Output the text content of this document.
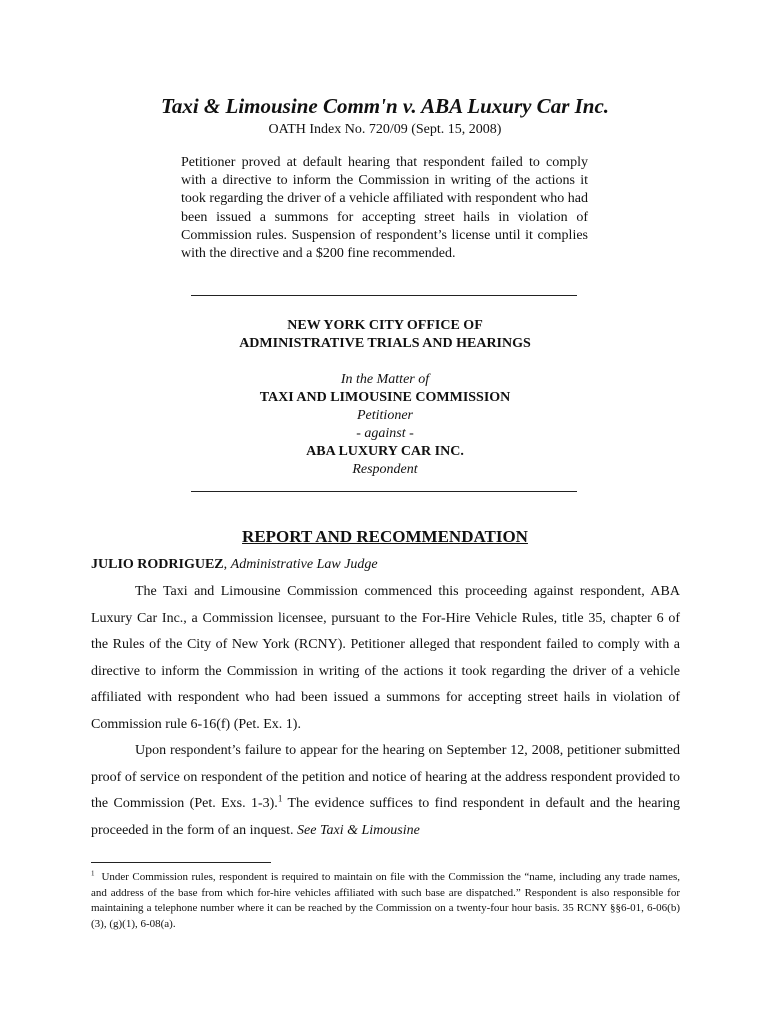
Taxi & Limousine Comm'n v. ABA Luxury Car Inc.
OATH Index No. 720/09 (Sept. 15, 2008)
Petitioner proved at default hearing that respondent failed to comply with a directive to inform the Commission in writing of the actions it took regarding the driver of a vehicle affiliated with respondent who had been issued a summons for accepting street hails in violation of Commission rules. Suspension of respondent’s license until it complies with the directive and a $200 fine recommended.
NEW YORK CITY OFFICE OF
ADMINISTRATIVE TRIALS AND HEARINGS
In the Matter of
TAXI AND LIMOUSINE COMMISSION
Petitioner
- against -
ABA LUXURY CAR INC.
Respondent
REPORT AND RECOMMENDATION
JULIO RODRIGUEZ, Administrative Law Judge

The Taxi and Limousine Commission commenced this proceeding against respondent, ABA Luxury Car Inc., a Commission licensee, pursuant to the For-Hire Vehicle Rules, title 35, chapter 6 of the Rules of the City of New York (RCNY). Petitioner alleged that respondent failed to comply with a directive to inform the Commission in writing of the actions it took regarding the driver of a vehicle affiliated with respondent who had been issued a summons for accepting street hails in violation of Commission rule 6-16(f) (Pet. Ex. 1).

Upon respondent’s failure to appear for the hearing on September 12, 2008, petitioner submitted proof of service on respondent of the petition and notice of hearing at the address respondent provided to the Commission (Pet. Exs. 1-3).$^1$ The evidence suffices to find respondent in default and the hearing proceeded in the form of an inquest. See Taxi & Limousine

$^1$ Under Commission rules, respondent is required to maintain on file with the Commission the “name, including any trade names, and address of the base from which for-hire vehicles affiliated with such base are dispatched.” Respondent is also responsible for maintaining a telephone number where it can be reached by the Commission on a twenty-four hour basis. 35 RCNY §§6-01, 6-06(b)(3), (g)(1), 6-08(a).
